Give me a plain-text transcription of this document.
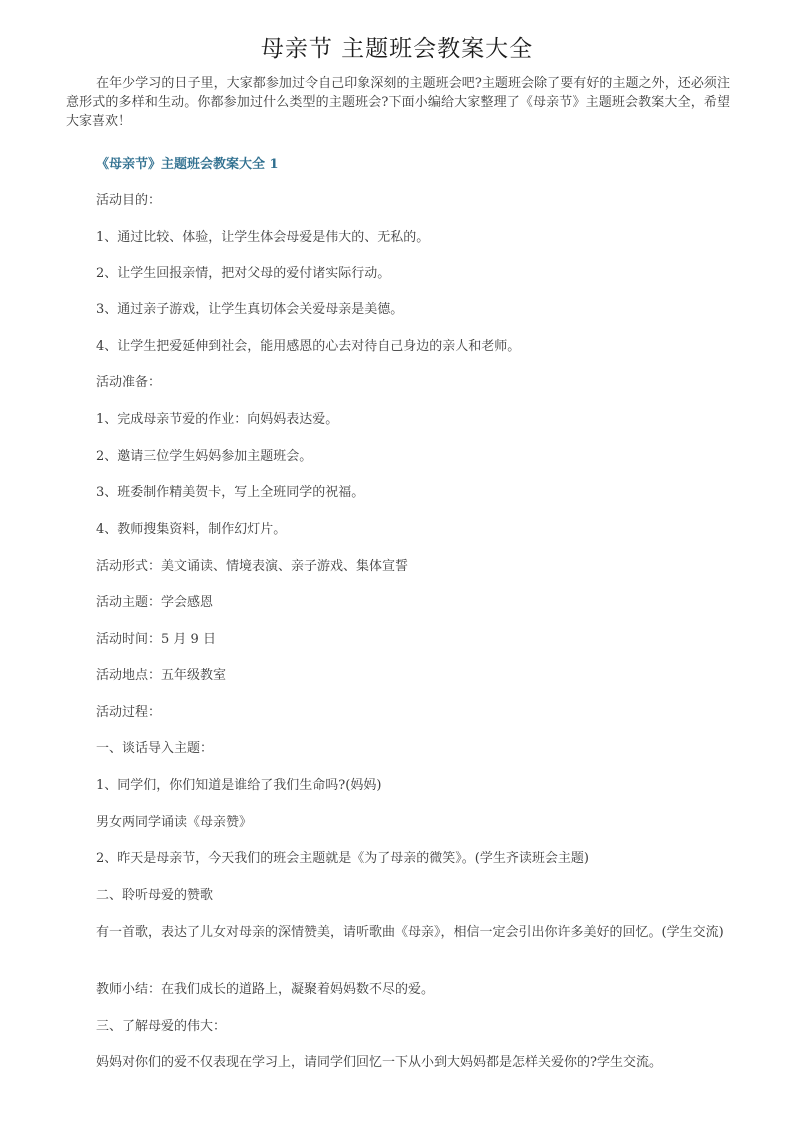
母亲节 主题班会教案大全

在年少学习的日子里，大家都参加过令自己印象深刻的主题班会吧?主题班会除了要有好的主题之外，还必须注意形式的多样和生动。你都参加过什么类型的主题班会?下面小编给大家整理了《母亲节》主题班会教案大全，希望大家喜欢！

《母亲节》主题班会教案大全 1

活动目的：

1、通过比较、体验，让学生体会母爱是伟大的、无私的。

2、让学生回报亲情，把对父母的爱付诸实际行动。

3、通过亲子游戏，让学生真切体会关爱母亲是美德。

4、让学生把爱延伸到社会，能用感恩的心去对待自己身边的亲人和老师。

活动准备：

1、完成母亲节爱的作业：向妈妈表达爱。

2、邀请三位学生妈妈参加主题班会。

3、班委制作精美贺卡，写上全班同学的祝福。

4、教师搜集资料，制作幻灯片。

活动形式：美文诵读、情境表演、亲子游戏、集体宣誓

活动主题：学会感恩

活动时间：5 月 9 日

活动地点：五年级教室

活动过程：

一、谈话导入主题：

1、同学们，你们知道是谁给了我们生命吗?(妈妈)

男女两同学诵读《母亲赞》

2、昨天是母亲节，今天我们的班会主题就是《为了母亲的微笑》。(学生齐读班会主题)

二、聆听母爱的赞歌

有一首歌，表达了儿女对母亲的深情赞美，请听歌曲《母亲》，相信一定会引出你许多美好的回忆。(学生交流)

教师小结：在我们成长的道路上，凝聚着妈妈数不尽的爱。

三、了解母爱的伟大：

妈妈对你们的爱不仅表现在学习上，请同学们回忆一下从小到大妈妈都是怎样关爱你的?学生交流。
